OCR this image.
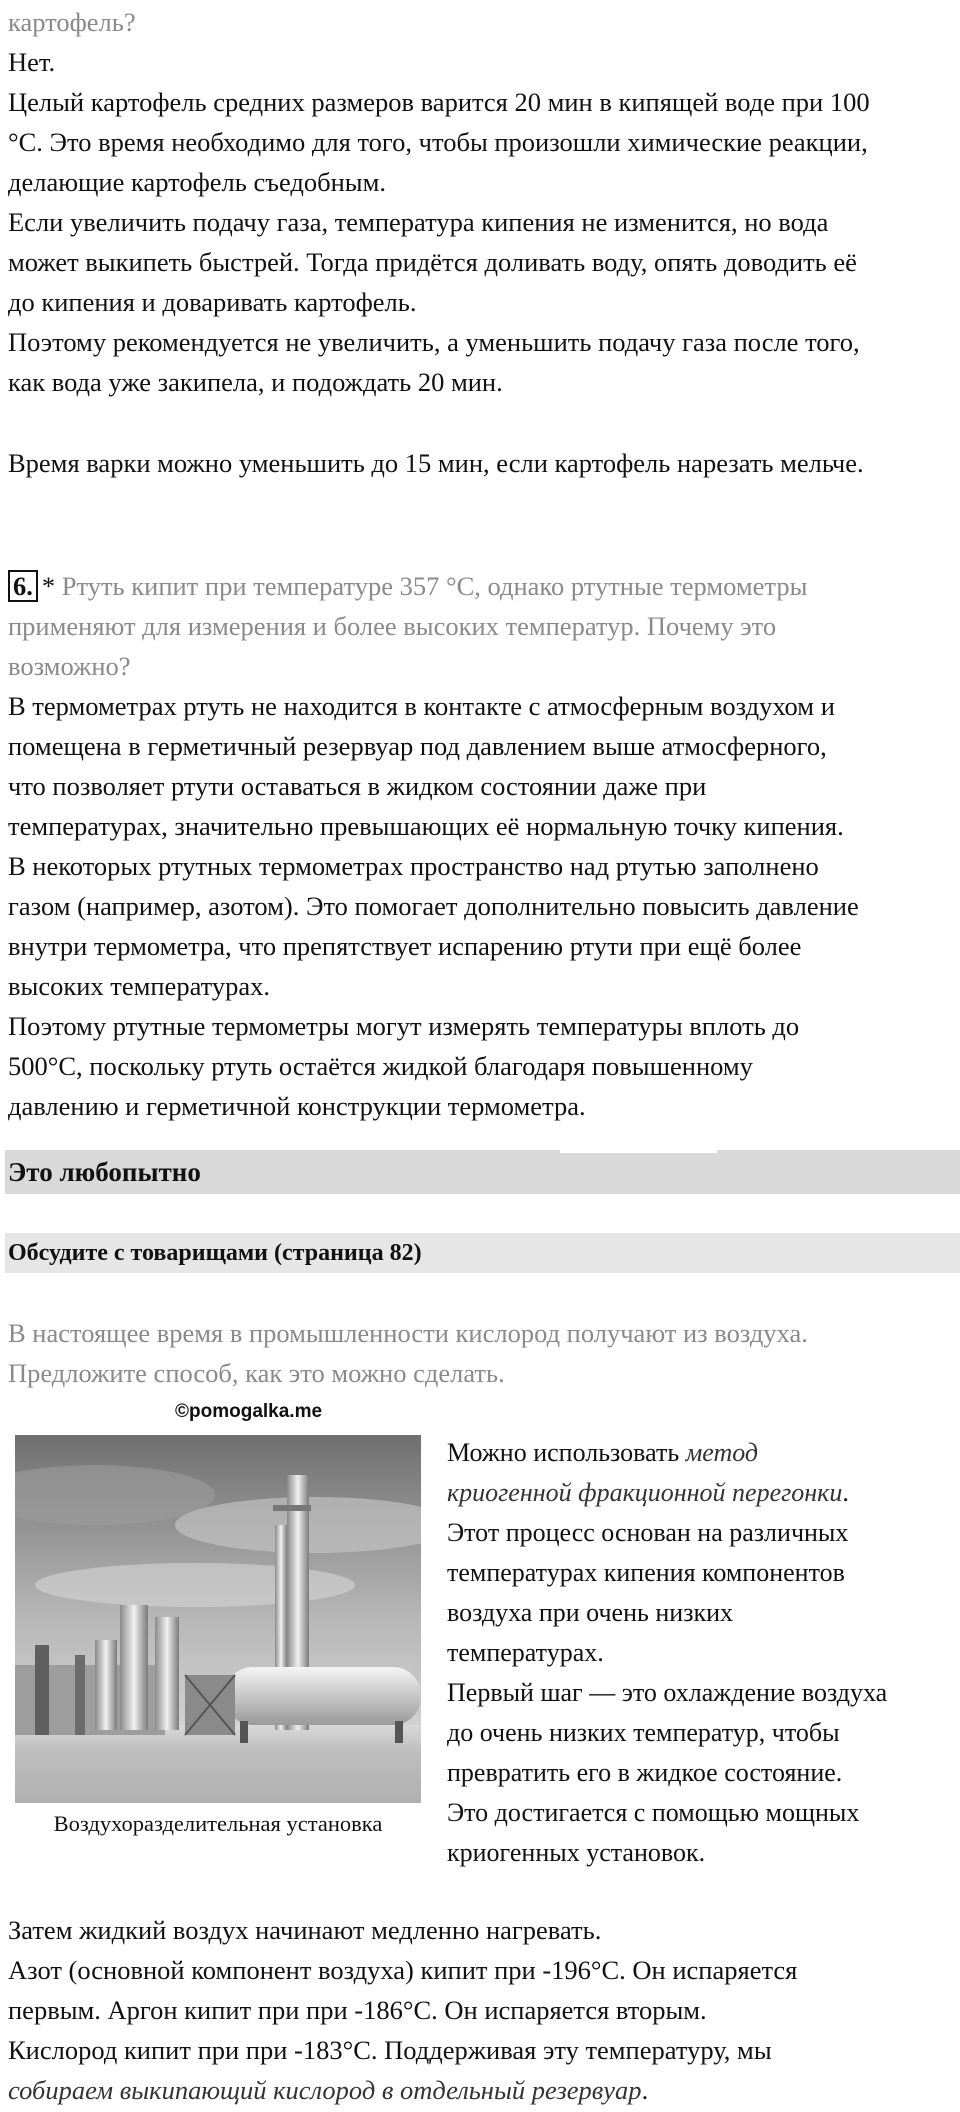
картофель?

Нет.

Целый картофель средних размеров варится 20 мин в кипящей воде при 100

°С. Это время необходимо для того, чтобы произошли химические реакции,

делающие картофель съедобным.

Если увеличить подачу газа, температура кипения не изменится, но вода

может выкипеть быстрей. Тогда придётся доливать воду, опять доводить её

до кипения и доваривать картофель.

Поэтому рекомендуется не увеличить, а уменьшить подачу газа после того,

как вода уже закипела, и подождать 20 мин.

Время варки можно уменьшить до 15 мин, если картофель нарезать мельче.

6. * Ртуть кипит при температуре 357 °С, однако ртутные термометры

применяют для измерения и более высоких температур. Почему это

возможно?

В термометрах ртуть не находится в контакте с атмосферным воздухом и

помещена в герметичный резервуар под давлением выше атмосферного,

что позволяет ртути оставаться в жидком состоянии даже при

температурах, значительно превышающих её нормальную точку кипения.

В некоторых ртутных термометрах пространство над ртутью заполнено

газом (например, азотом). Это помогает дополнительно повысить давление

внутри термометра, что препятствует испарению ртути при ещё более

высоких температурах.

Поэтому ртутные термометры могут измерять температуры вплоть до

500°С, поскольку ртуть остаётся жидкой благодаря повышенному

давлению и герметичной конструкции термометра.

Это любопытно
Обсудите с товарищами (страница 82)

В настоящее время в промышленности кислород получают из воздуха.

Предложите способ, как это можно сделать.

©pomogalka.me
Воздухоразделительная установка

Можно использовать метод

криогенной фракционной перегонки.

Этот процесс основан на различных

температурах кипения компонентов

воздуха при очень низких

температурах.

Первый шаг — это охлаждение воздуха

до очень низких температур, чтобы

превратить его в жидкое состояние.

Это достигается с помощью мощных

криогенных установок.

Затем жидкий воздух начинают медленно нагревать.

Азот (основной компонент воздуха) кипит при -196°С. Он испаряется

первым. Аргон кипит при при -186°С. Он испаряется вторым.

Кислород кипит при при -183°С. Поддерживая эту температуру, мы

собираем выкипающий кислород в отдельный резервуар.
